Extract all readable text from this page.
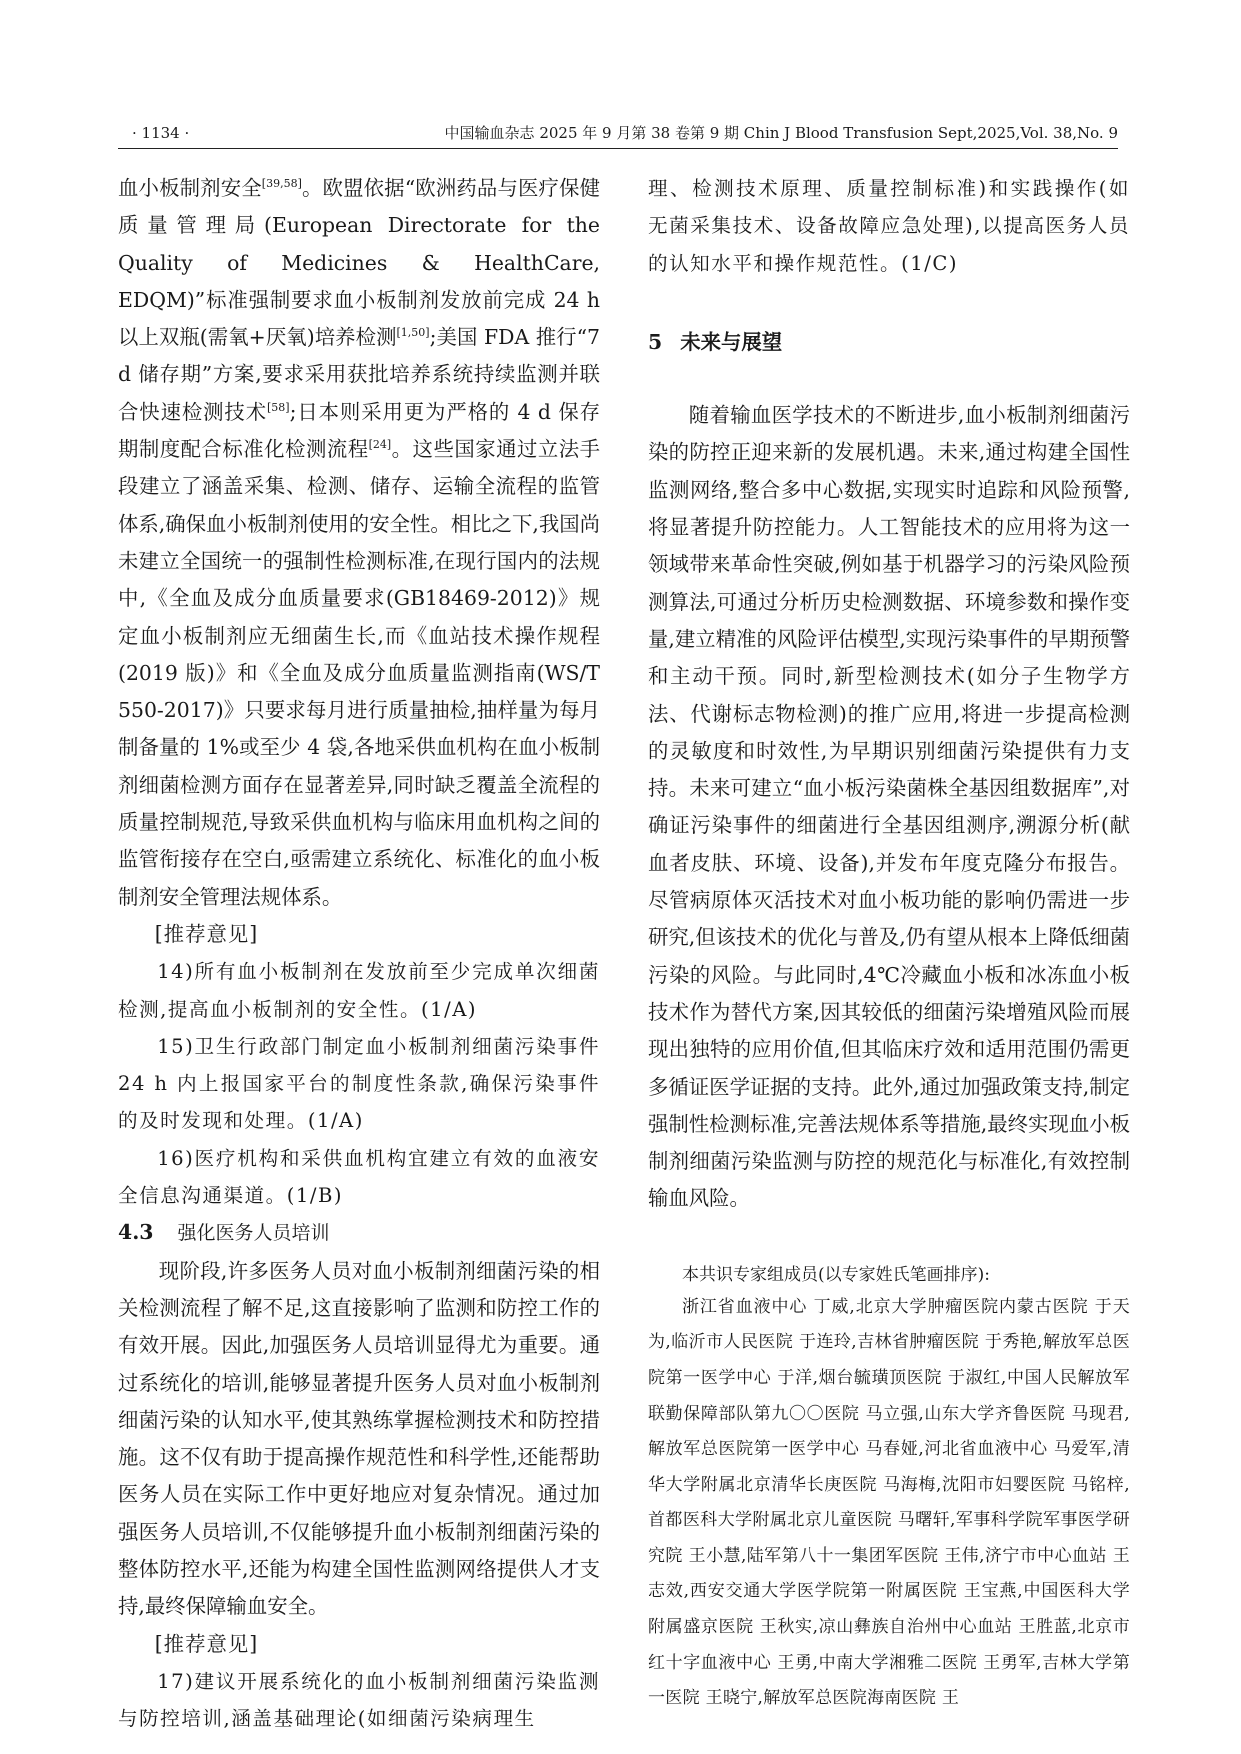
· 1134 ·	中国输血杂志 2025 年 9 月第 38 卷第 9 期 Chin J Blood Transfusion Sept,2025,Vol. 38,No. 9

血小板制剂安全[39,58]。欧盟依据“欧洲药品与医疗保健质量管理局(European Directorate for the Quality of Medicines & HealthCare, EDQM)”标准强制要求血小板制剂发放前完成 24 h 以上双瓶(需氧+厌氧)培养检测[1,50];美国 FDA 推行“7 d 储存期”方案,要求采用获批培养系统持续监测并联合快速检测技术[58];日本则采用更为严格的 4 d 保存期制度配合标准化检测流程[24]。这些国家通过立法手段建立了涵盖采集、检测、储存、运输全流程的监管体系,确保血小板制剂使用的安全性。相比之下,我国尚未建立全国统一的强制性检测标准,在现行国内的法规中,《全血及成分血质量要求(GB18469-2012)》规定血小板制剂应无细菌生长,而《血站技术操作规程(2019 版)》和《全血及成分血质量监测指南(WS/T 550-2017)》只要求每月进行质量抽检,抽样量为每月制备量的 1%或至少 4 袋,各地采供血机构在血小板制剂细菌检测方面存在显著差异,同时缺乏覆盖全流程的质量控制规范,导致采供血机构与临床用血机构之间的监管衔接存在空白,亟需建立系统化、标准化的血小板制剂安全管理法规体系。

[推荐意见]

14)所有血小板制剂在发放前至少完成单次细菌检测,提高血小板制剂的安全性。(1/A)

15)卫生行政部门制定血小板制剂细菌污染事件 24 h 内上报国家平台的制度性条款,确保污染事件的及时发现和处理。(1/A)

16)医疗机构和采供血机构宜建立有效的血液安全信息沟通渠道。(1/B)

4.3 强化医务人员培训

现阶段,许多医务人员对血小板制剂细菌污染的相关检测流程了解不足,这直接影响了监测和防控工作的有效开展。因此,加强医务人员培训显得尤为重要。通过系统化的培训,能够显著提升医务人员对血小板制剂细菌污染的认知水平,使其熟练掌握检测技术和防控措施。这不仅有助于提高操作规范性和科学性,还能帮助医务人员在实际工作中更好地应对复杂情况。通过加强医务人员培训,不仅能够提升血小板制剂细菌污染的整体防控水平,还能为构建全国性监测网络提供人才支持,最终保障输血安全。

[推荐意见]

17)建议开展系统化的血小板制剂细菌污染监测与防控培训,涵盖基础理论(如细菌污染病理生

理、检测技术原理、质量控制标准)和实践操作(如无菌采集技术、设备故障应急处理),以提高医务人员的认知水平和操作规范性。(1/C)

5 未来与展望

随着输血医学技术的不断进步,血小板制剂细菌污染的防控正迎来新的发展机遇。未来,通过构建全国性监测网络,整合多中心数据,实现实时追踪和风险预警,将显著提升防控能力。人工智能技术的应用将为这一领域带来革命性突破,例如基于机器学习的污染风险预测算法,可通过分析历史检测数据、环境参数和操作变量,建立精准的风险评估模型,实现污染事件的早期预警和主动干预。同时,新型检测技术(如分子生物学方法、代谢标志物检测)的推广应用,将进一步提高检测的灵敏度和时效性,为早期识别细菌污染提供有力支持。未来可建立“血小板污染菌株全基因组数据库”,对确证污染事件的细菌进行全基因组测序,溯源分析(献血者皮肤、环境、设备),并发布年度克隆分布报告。尽管病原体灭活技术对血小板功能的影响仍需进一步研究,但该技术的优化与普及,仍有望从根本上降低细菌污染的风险。与此同时,4℃冷藏血小板和冰冻血小板技术作为替代方案,因其较低的细菌污染增殖风险而展现出独特的应用价值,但其临床疗效和适用范围仍需更多循证医学证据的支持。此外,通过加强政策支持,制定强制性检测标准,完善法规体系等措施,最终实现血小板制剂细菌污染监测与防控的规范化与标准化,有效控制输血风险。

本共识专家组成员(以专家姓氏笔画排序):

浙江省血液中心 丁威,北京大学肿瘤医院内蒙古医院 于天为,临沂市人民医院 于连玲,吉林省肿瘤医院 于秀艳,解放军总医院第一医学中心 于洋,烟台毓璜顶医院 于淑红,中国人民解放军联勤保障部队第九〇〇医院 马立强,山东大学齐鲁医院 马现君,解放军总医院第一医学中心 马春娅,河北省血液中心 马爱军,清华大学附属北京清华长庚医院 马海梅,沈阳市妇婴医院 马铭梓,首都医科大学附属北京儿童医院 马曙轩,军事科学院军事医学研究院 王小慧,陆军第八十一集团军医院 王伟,济宁市中心血站 王志效,西安交通大学医学院第一附属医院 王宝燕,中国医科大学附属盛京医院 王秋实,凉山彝族自治州中心血站 王胜蓝,北京市红十字血液中心 王勇,中南大学湘雅二医院 王勇军,吉林大学第一医院 王晓宁,解放军总医院海南医院 王
